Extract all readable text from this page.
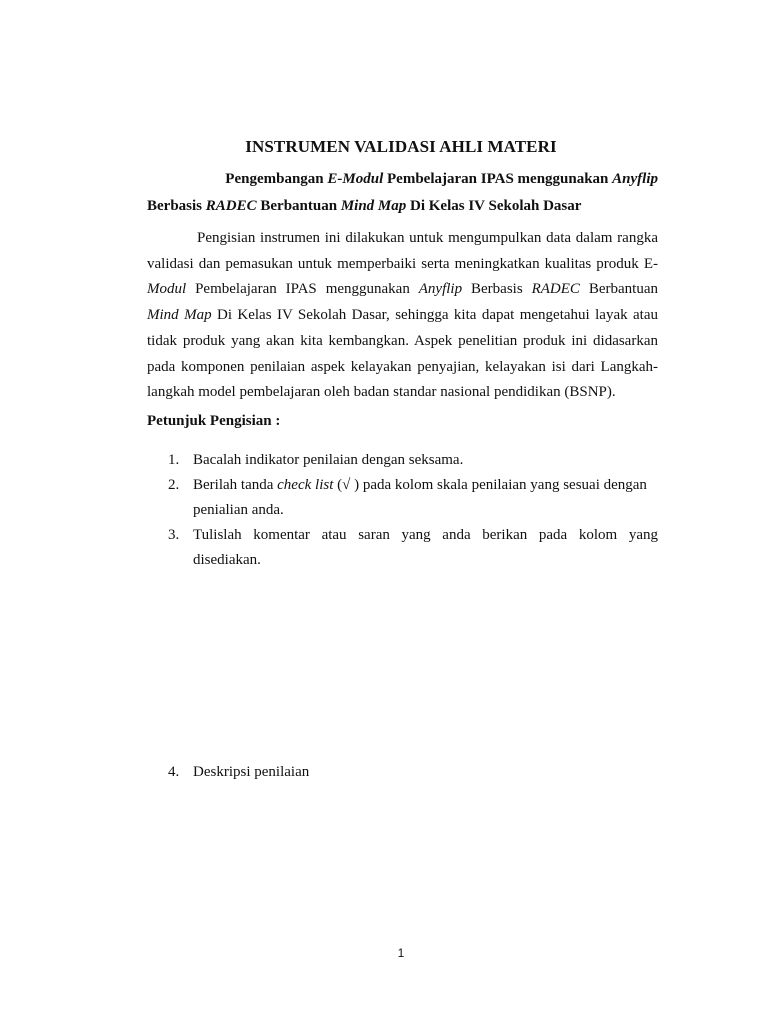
INSTRUMEN VALIDASI AHLI MATERI
Pengembangan E-Modul Pembelajaran IPAS menggunakan Anyflip
Berbasis RADEC Berbantuan Mind Map Di Kelas IV Sekolah Dasar
Pengisian instrumen ini dilakukan untuk mengumpulkan data dalam rangka
validasi dan pemasukan untuk memperbaiki serta meningkatkan kualitas produk E-
Modul Pembelajaran IPAS menggunakan Anyflip Berbasis RADEC Berbantuan
Mind Map Di Kelas IV Sekolah Dasar, sehingga kita dapat mengetahui layak atau
tidak produk yang akan kita kembangkan. Aspek penelitian produk ini didasarkan
pada komponen penilaian aspek kelayakan penyajian, kelayakan isi dari Langkah-
langkah model pembelajaran oleh badan standar nasional pendidikan (BSNP).
Petunjuk Pengisian :
1. Bacalah indikator penilaian dengan seksama.
2. Berilah tanda check list (√ ) pada kolom skala penilaian yang sesuai dengan
penialian anda.
3. Tulislah komentar atau saran yang anda berikan pada kolom yang
disediakan.
4. Deskripsi penilaian
1
